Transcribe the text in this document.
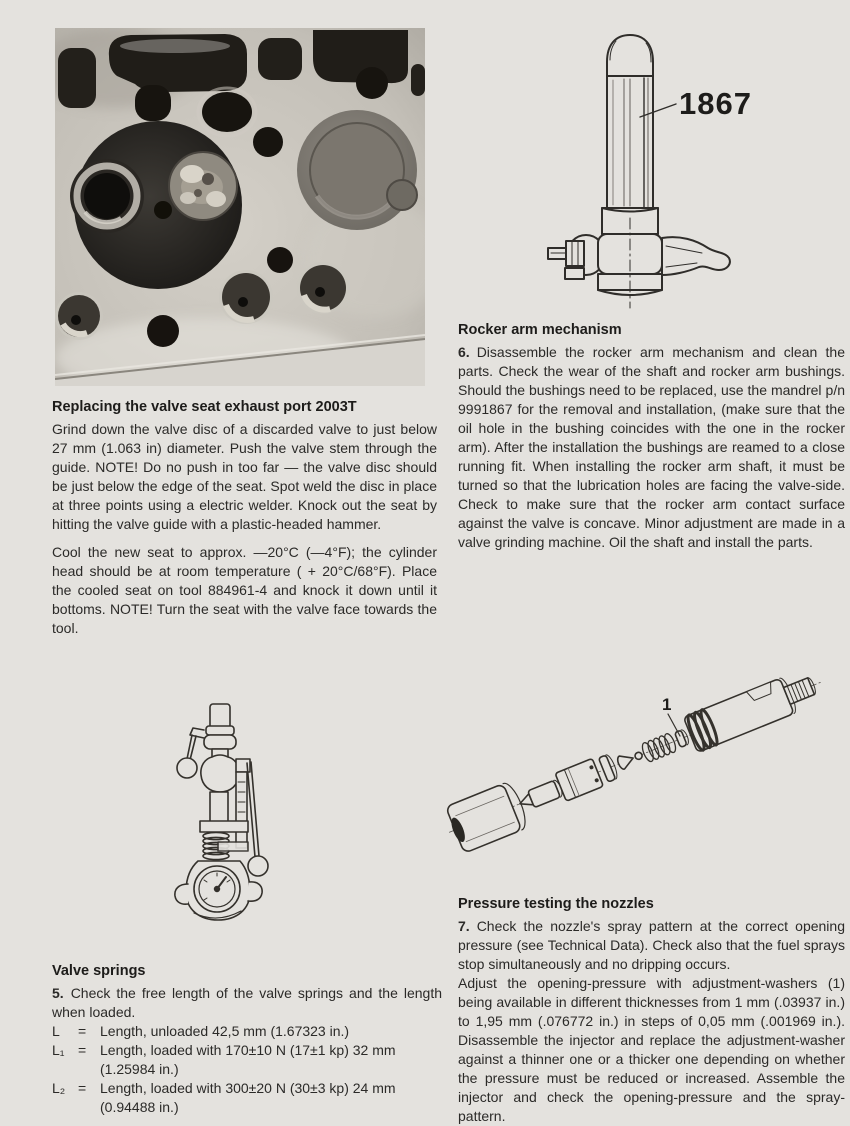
1867
Replacing the valve seat exhaust port 2003T

Grind down the valve disc of a discarded valve to just below 27 mm (1.063 in) diameter. Push the valve stem through the guide. NOTE! Do no push in too far — the valve disc should be just below the edge of the seat. Spot weld the disc in place at three points using a electric welder. Knock out the seat by hitting the valve guide with a plastic-headed hammer.

Cool the new seat to approx. —20°C (—4°F); the cylinder head should be at room temperature ( + 20°C/68°F). Place the cooled seat on tool 884961-4 and knock it down until it bottoms. NOTE! Turn the seat with the valve face towards the tool.

Rocker arm mechanism

6. Disassemble the rocker arm mechanism and clean the parts. Check the wear of the shaft and rocker arm bushings. Should the bushings need to be replaced, use the mandrel p/n 9991867 for the removal and installation, (make sure that the oil hole in the bushing coincides with the one in the rocker arm). After the installation the bushings are reamed to a close running fit. When installing the rocker arm shaft, it must be turned so that the lubrication holes are facing the valve-side. Check to make sure that the rocker arm contact surface against the valve is concave. Minor adjustment are made in a valve grinding machine. Oil the shaft and install the parts.

1
Pressure testing the nozzles

7. Check the nozzle's spray pattern at the correct opening pressure (see Technical Data). Check also that the fuel sprays stop simultaneously and no dripping occurs.

Adjust the opening-pressure with adjustment-washers (1) being available in different thicknesses from 1 mm (.03937 in.) to 1,95 mm (.076772 in.) in steps of 0,05 mm (.001969 in.). Disassemble the injector and replace the adjustment-washer against a thinner one or a thicker one depending on whether the pressure must be reduced or increased. Assemble the injector and check the opening-pressure and the spray-pattern.

Valve springs

5. Check the free length of the valve springs and the length when loaded.

L	= Length, unloaded 42,5 mm (1.67323 in.)
L₁ = Length, loaded with 170±10 N (17±1 kp) 32 mm
(1.25984 in.)
L₂ = Length, loaded with 300±20 N (30±3 kp) 24 mm
(0.94488 in.)
